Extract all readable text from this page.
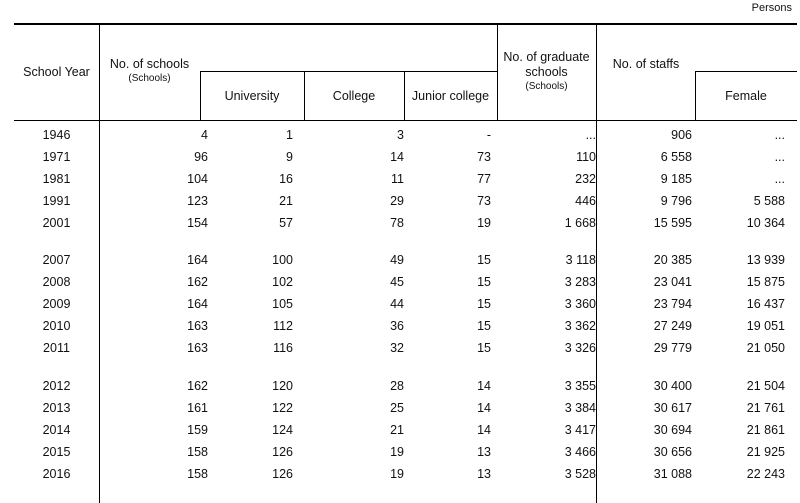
Persons
School Year
No. of schools
(Schools)
University	College	Junior college
No. of graduate
schools
(Schools)
No. of staffs
Female
1946	4	1	3	-	...	906	...
1971	96	9	14	73	110	6 558	...
1981	104	16	11	77	232	9 185	...
1991	123	21	29	73	446	9 796	5 588
2001	154	57	78	19	1 668	15 595	10 364
2007	164	100	49	15	3 118	20 385	13 939
2008	162	102	45	15	3 283	23 041	15 875
2009	164	105	44	15	3 360	23 794	16 437
2010	163	112	36	15	3 362	27 249	19 051
2011	163	116	32	15	3 326	29 779	21 050
2012	162	120	28	14	3 355	30 400	21 504
2013	161	122	25	14	3 384	30 617	21 761
2014	159	124	21	14	3 417	30 694	21 861
2015	158	126	19	13	3 466	30 656	21 925
2016	158	126	19	13	3 528	31 088	22 243
